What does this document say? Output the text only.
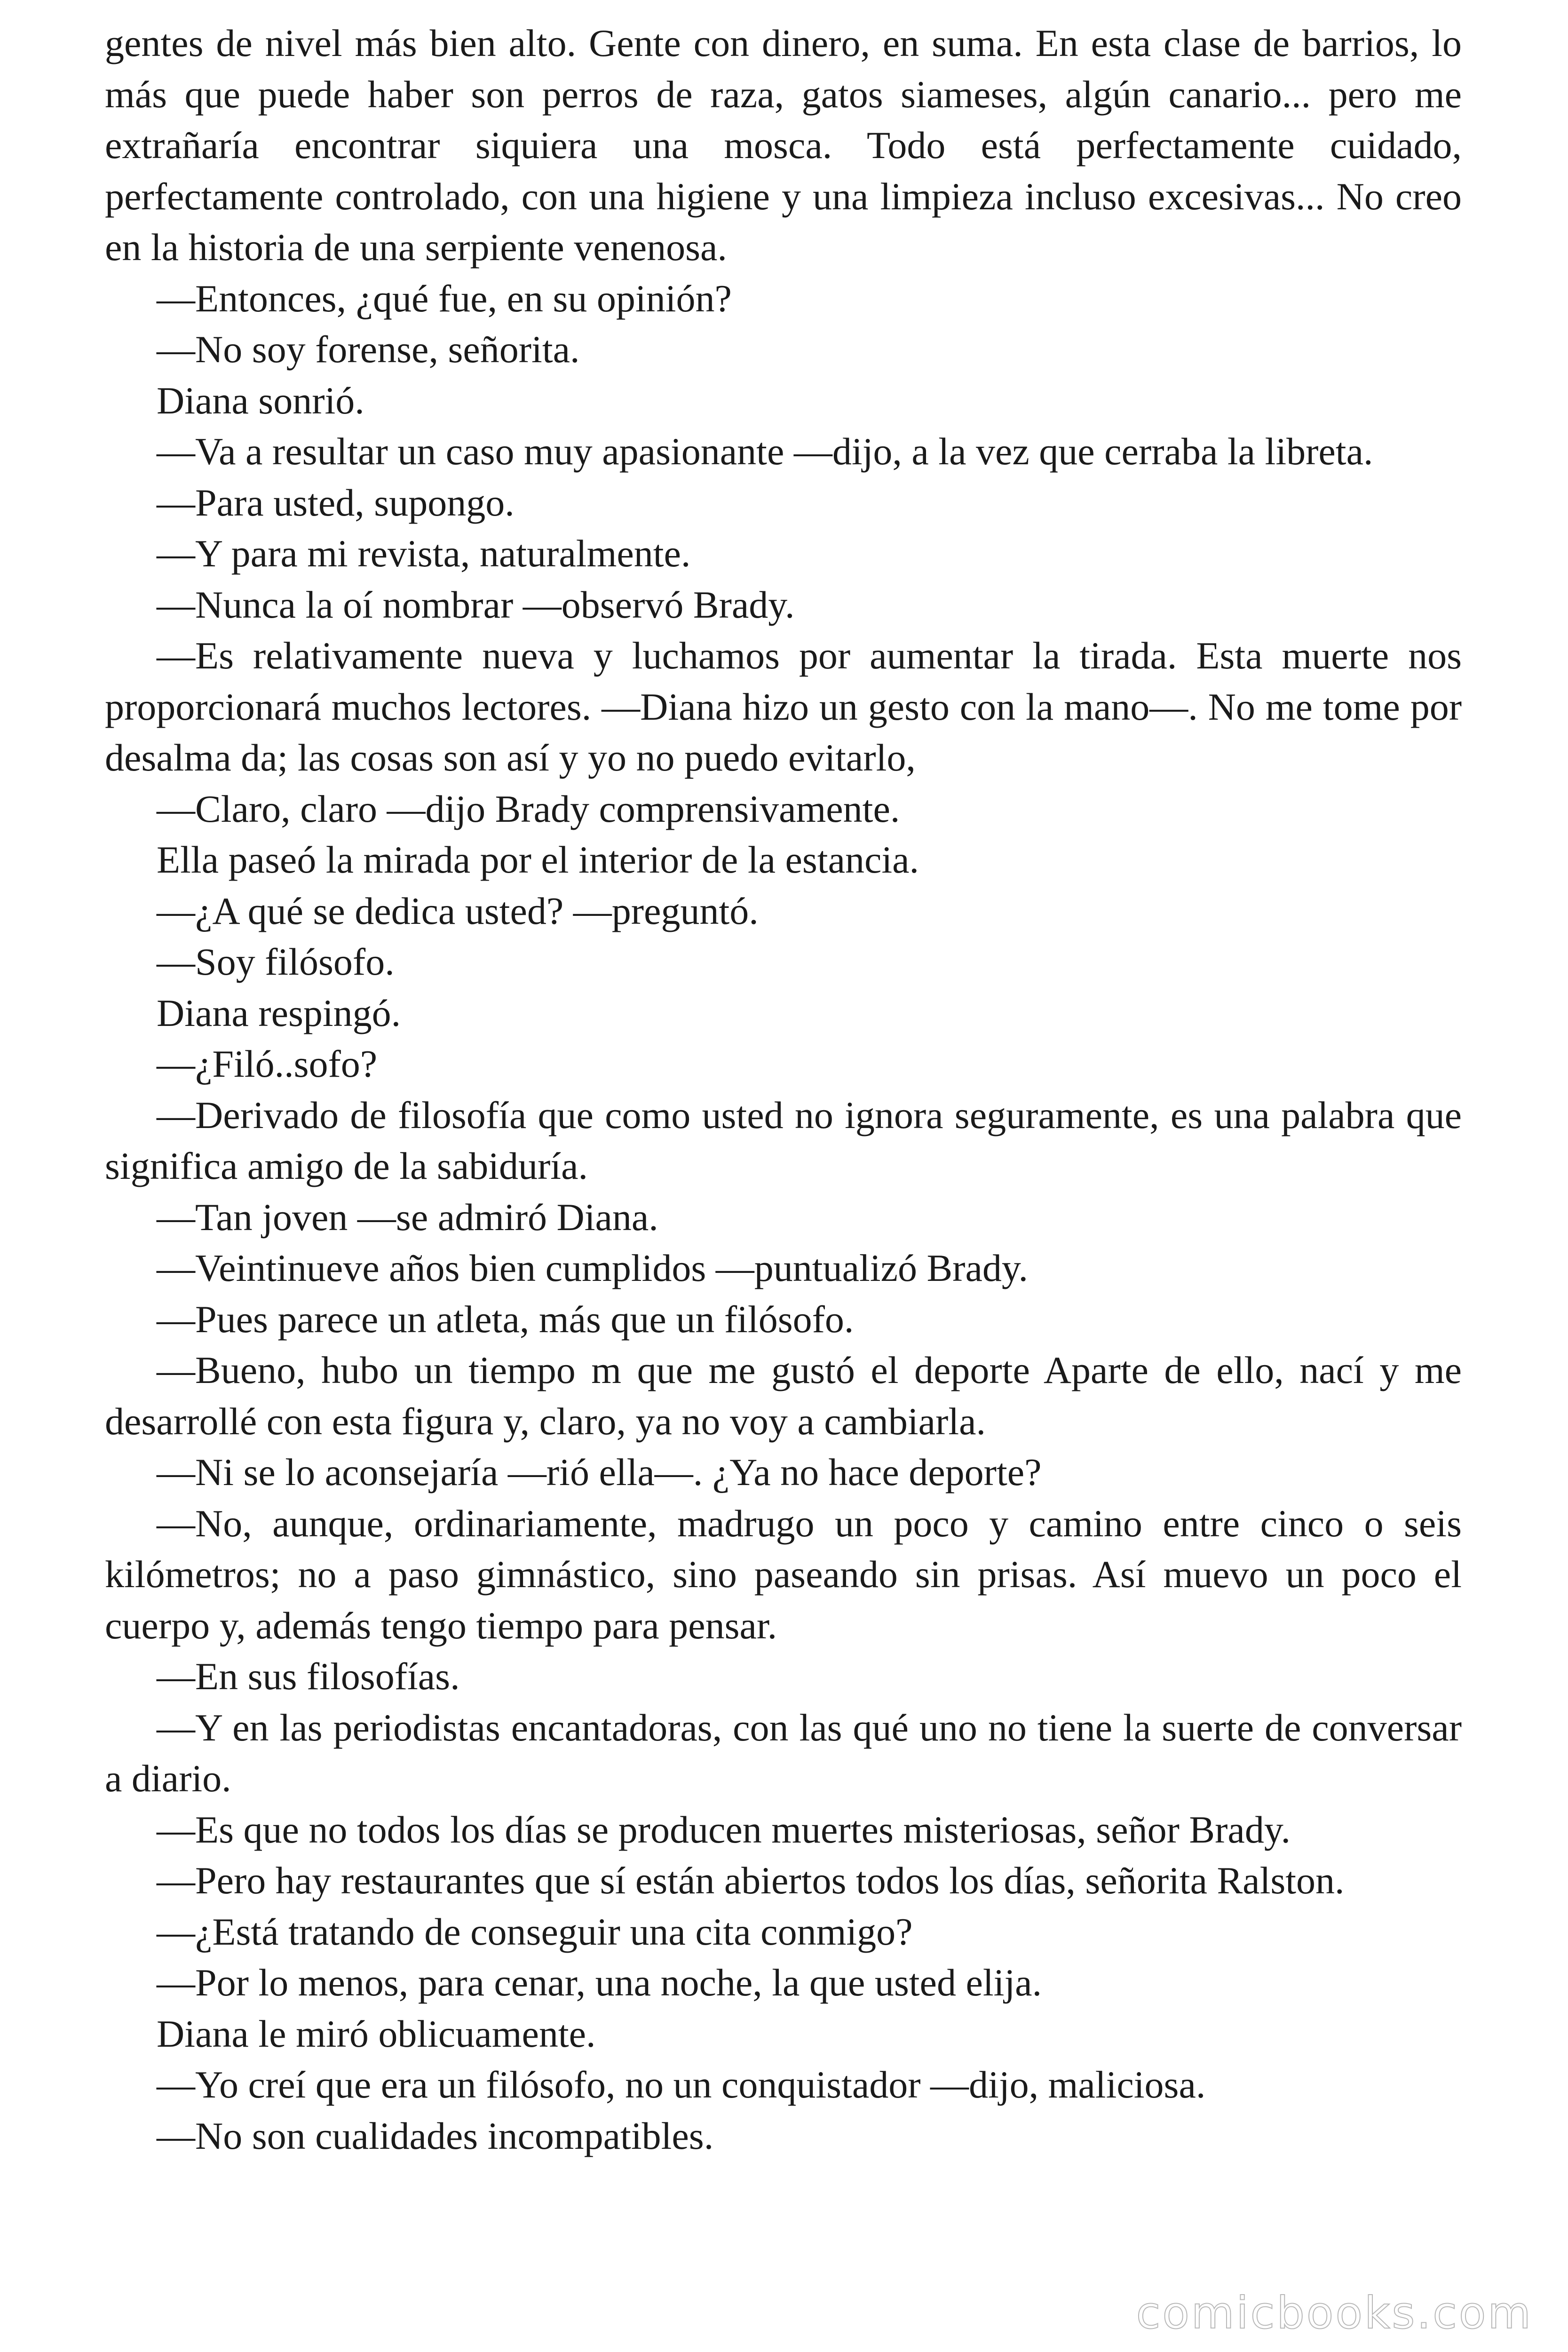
gentes de nivel más bien alto. Gente con dinero, en suma. En esta clase de barrios, lo más que puede haber son perros de raza, gatos siameses, algún canario... pero me extrañaría encontrar siquiera una mosca. Todo está perfectamente cuidado, perfectamente controlado, con una higiene y una limpieza incluso excesivas... No creo en la historia de una serpiente venenosa.

—Entonces, ¿qué fue, en su opinión?

—No soy forense, señorita.

Diana sonrió.

—Va a resultar un caso muy apasionante —dijo, a la vez que cerraba la libreta.

—Para usted, supongo.

—Y para mi revista, naturalmente.

—Nunca la oí nombrar —observó Brady.

—Es relativamente nueva y luchamos por aumentar la tirada. Esta muerte nos proporcionará muchos lectores. —Diana hizo un gesto con la mano—. No me tome por desalma da; las cosas son así y yo no puedo evitarlo,

—Claro, claro —dijo Brady comprensivamente.

Ella paseó la mirada por el interior de la estancia.

—¿A qué se dedica usted? —preguntó.

—Soy filósofo.

Diana respingó.

—¿Filó..sofo?

—Derivado de filosofía que como usted no ignora seguramente, es una palabra que significa amigo de la sabiduría.

—Tan joven —se admiró Diana.

—Veintinueve años bien cumplidos —puntualizó Brady.

—Pues parece un atleta, más que un filósofo.

—Bueno, hubo un tiempo m que me gustó el deporte Aparte de ello, nací y me desarrollé con esta figura y, claro, ya no voy a cambiarla.

—Ni se lo aconsejaría —rió ella—. ¿Ya no hace deporte?

—No, aunque, ordinariamente, madrugo un poco y camino entre cinco o seis kilómetros; no a paso gimnástico, sino paseando sin prisas. Así muevo un poco el cuerpo y, además tengo tiempo para pensar.

—En sus filosofías.

—Y en las periodistas encantadoras, con las qué uno no tiene la suerte de conversar a diario.

—Es que no todos los días se producen muertes misteriosas, señor Brady.

—Pero hay restaurantes que sí están abiertos todos los días, señorita Ralston.

—¿Está tratando de conseguir una cita conmigo?

—Por lo menos, para cenar, una noche, la que usted elija.

Diana le miró oblicuamente.

—Yo creí que era un filósofo, no un conquistador —dijo, maliciosa.

—No son cualidades incompatibles.

comicbooks.com
